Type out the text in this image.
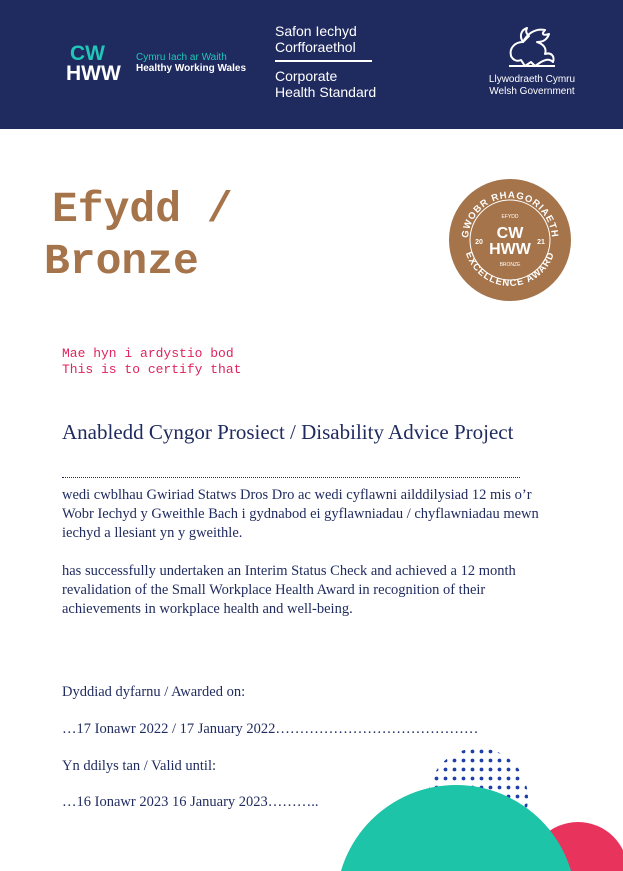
CW
HWW
Cymru Iach ar Waith
Healthy Working Wales
Safon Iechyd
Corfforaethol
Corporate
Health Standard
Llywodraeth Cymru
Welsh Government
Efydd /
Bronze
GWOBR RHAGORIAETH
EXCELLENCE AWARD
EFYDD
20	21
CW
HWW
BRONZE
Mae hyn i ardystio bod
This is to certify that
Anabledd Cyngor Prosiect / Disability Advice Project
wedi cwblhau Gwiriad Statws Dros Dro ac wedi cyflawni ailddilysiad 12 mis o’r Wobr Iechyd y Gweithle Bach i gydnabod ei gyflawniadau / chyflawniadau mewn iechyd a llesiant yn y gweithle.
has successfully undertaken an Interim Status Check and achieved a 12 month revalidation of the Small Workplace Health Award in recognition of their achievements in workplace health and well-being.
Dyddiad dyfarnu / Awarded on:
…17 Ionawr 2022 / 17 January 2022……………………………………
Yn ddilys tan / Valid until:
…16 Ionawr 2023 16 January 2023………..
